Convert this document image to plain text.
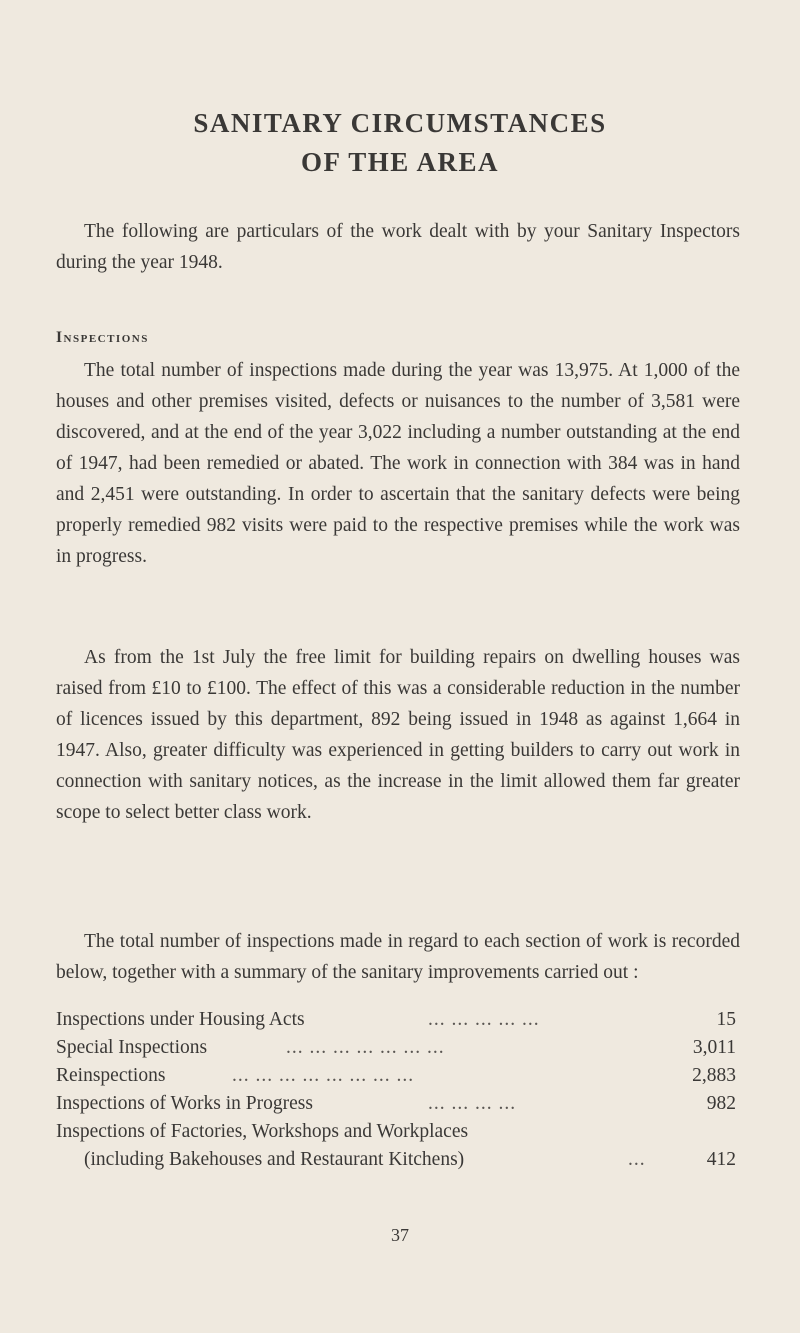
SANITARY CIRCUMSTANCES
OF THE AREA

The following are particulars of the work dealt with by your Sanitary Inspectors during the year 1948.

Inspections

The total number of inspections made during the year was 13,975. At 1,000 of the houses and other premises visited, defects or nuisances to the number of 3,581 were discovered, and at the end of the year 3,022 including a number outstanding at the end of 1947, had been remedied or abated. The work in connection with 384 was in hand and 2,451 were outstanding. In order to ascertain that the sanitary defects were being properly remedied 982 visits were paid to the respective premises while the work was in progress.

As from the 1st July the free limit for building repairs on dwelling houses was raised from £10 to £100. The effect of this was a considerable reduction in the number of licences issued by this department, 892 being issued in 1948 as against 1,664 in 1947. Also, greater difficulty was experienced in getting builders to carry out work in connection with sanitary notices, as the increase in the limit allowed them far greater scope to select better class work.

The total number of inspections made in regard to each section of work is recorded below, together with a summary of the sanitary improvements carried out :

Inspections under Housing Acts	... ... ... ... ...	15
Special Inspections	... ... ... ... ... ... ...	3,011
Reinspections	... ... ... ... ... ... ... ...	2,883
Inspections of Works in Progress	... ... ... ...	982
Inspections of Factories, Workshops and Workplaces
(including Bakehouses and Restaurant Kitchens)	...	412

37
